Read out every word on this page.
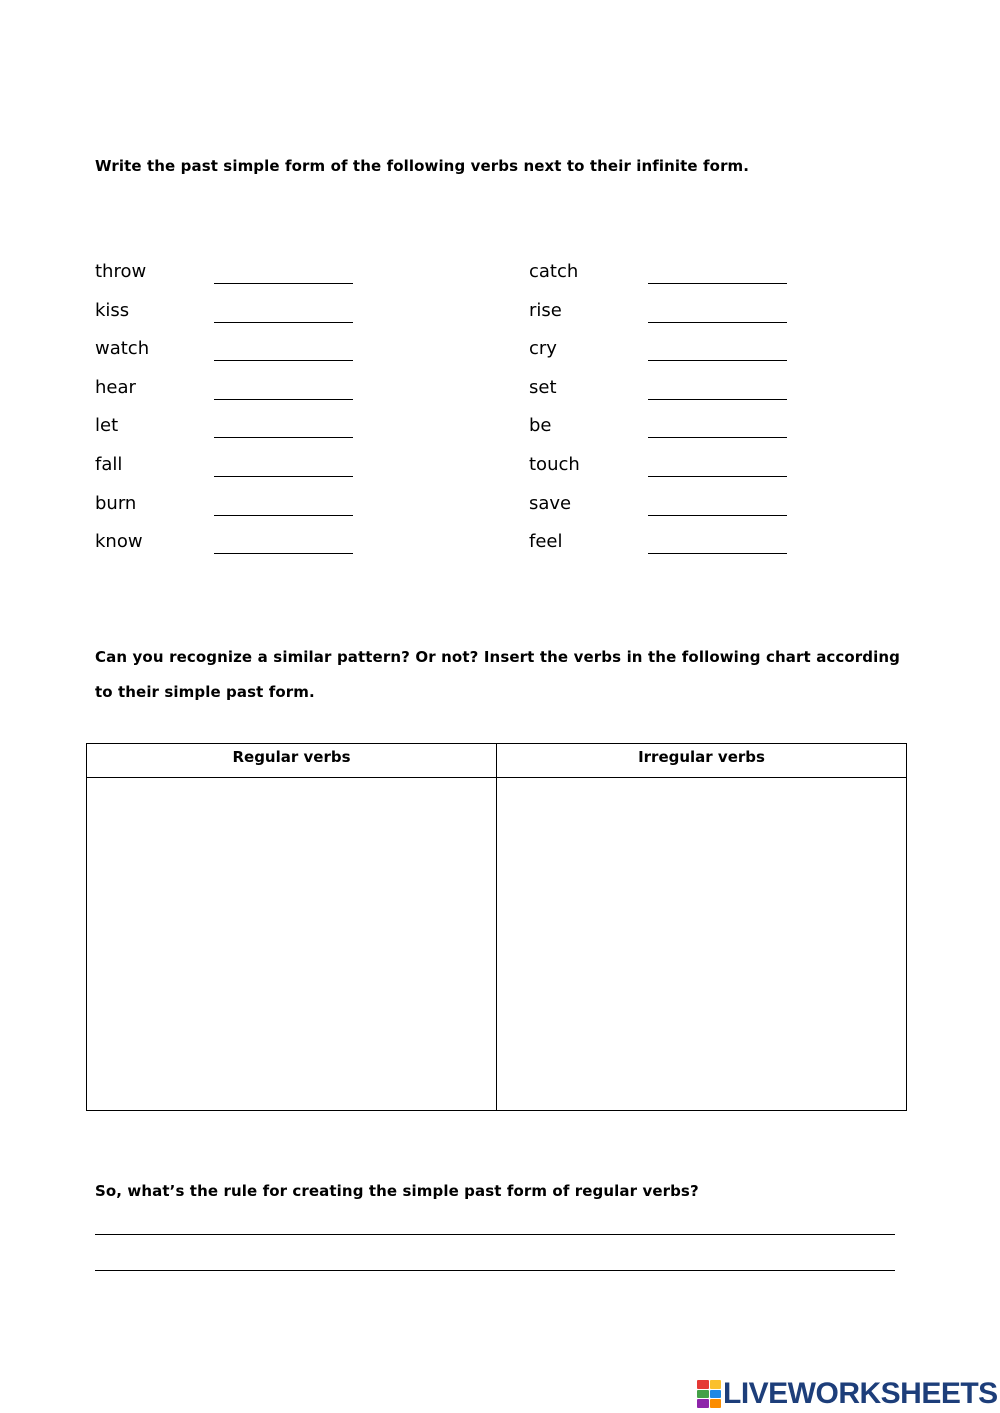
Write the past simple form of the following verbs next to their infinite form.
throw
kiss
watch
hear
let
fall
burn
know
catch
rise
cry
set
be
touch
save
feel
Can you recognize a similar pattern? Or not? Insert the verbs in the following chart according to their simple past form.
Regular verbs	Irregular verbs

So, what’s the rule for creating the simple past form of regular verbs?
LIVEWORKSHEETS
